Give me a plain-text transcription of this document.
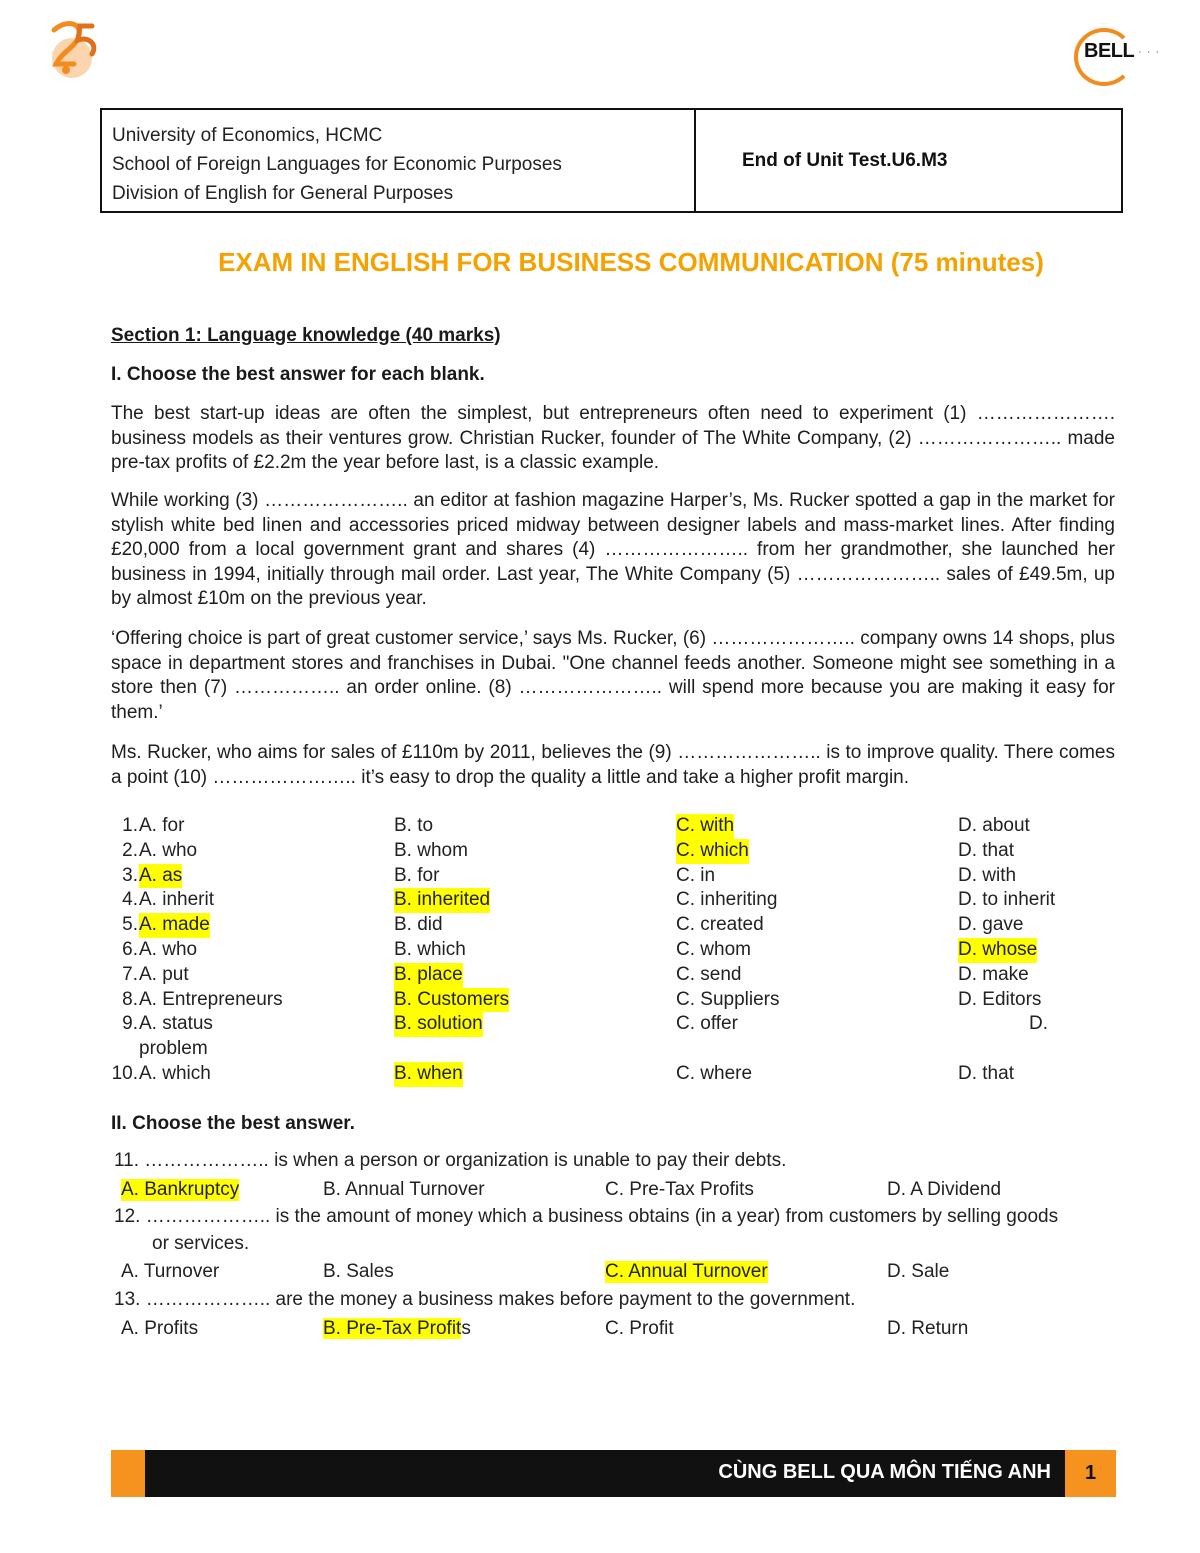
BELL · · ·
University of Economics, HCMC
School of Foreign Languages for Economic Purposes
Division of English for General Purposes
End of Unit Test.U6.M3
EXAM IN ENGLISH FOR BUSINESS COMMUNICATION (75 minutes)
Section 1: Language knowledge (40 marks)
I. Choose the best answer for each blank.
The best start-up ideas are often the simplest, but entrepreneurs often need to experiment (1) …………………. business models as their ventures grow. Christian Rucker, founder of The White Company, (2) ………………….. made pre-tax profits of £2.2m the year before last, is a classic example.
While working (3) ………………….. an editor at fashion magazine Harper’s, Ms. Rucker spotted a gap in the market for stylish white bed linen and accessories priced midway between designer labels and mass-market lines. After finding £20,000 from a local government grant and shares (4) ………………….. from her grandmother, she launched her business in 1994, initially through mail order. Last year, The White Company (5) ………………….. sales of £49.5m, up by almost £10m on the previous year.
‘Offering choice is part of great customer service,’ says Ms. Rucker, (6) ………………….. company owns 14 shops, plus space in department stores and franchises in Dubai. "One channel feeds another. Someone might see something in a store then (7) …………….. an order online. (8) ………………….. will spend more because you are making it easy for them.’
Ms. Rucker, who aims for sales of £110m by 2011, believes the (9) ………………….. is to improve quality. There comes a point (10) ………………….. it’s easy to drop the quality a little and take a higher profit margin.
1. A. for	B. to	C. with	D. about
2. A. who	B. whom	C. which	D. that
3. A. as	B. for	C. in	D. with
4. A. inherit	B. inherited	C. inheriting	D. to inherit
5. A. made	B. did	C. created	D. gave
6. A. who	B. which	C. whom	D. whose
7. A. put	B. place	C. send	D. make
8. A. Entrepreneurs	B. Customers	C. Suppliers	D. Editors
9. A. status	B. solution	C. offer	D.
problem
10. A. which	B. when	C. where	D. that
II. Choose the best answer.
11. ……………….. is when a person or organization is unable to pay their debts.
A. Bankruptcy	B. Annual Turnover	C. Pre-Tax Profits	D. A Dividend
12. ……………….. is the amount of money which a business obtains (in a year) from customers by selling goods
or services.
A. Turnover	B. Sales	C. Annual Turnover	D. Sale
13. ……………….. are the money a business makes before payment to the government.
A. Profits	B. Pre-Tax Profits	C. Profit	D. Return
CÙNG BELL QUA MÔN TIẾNG ANH	1
